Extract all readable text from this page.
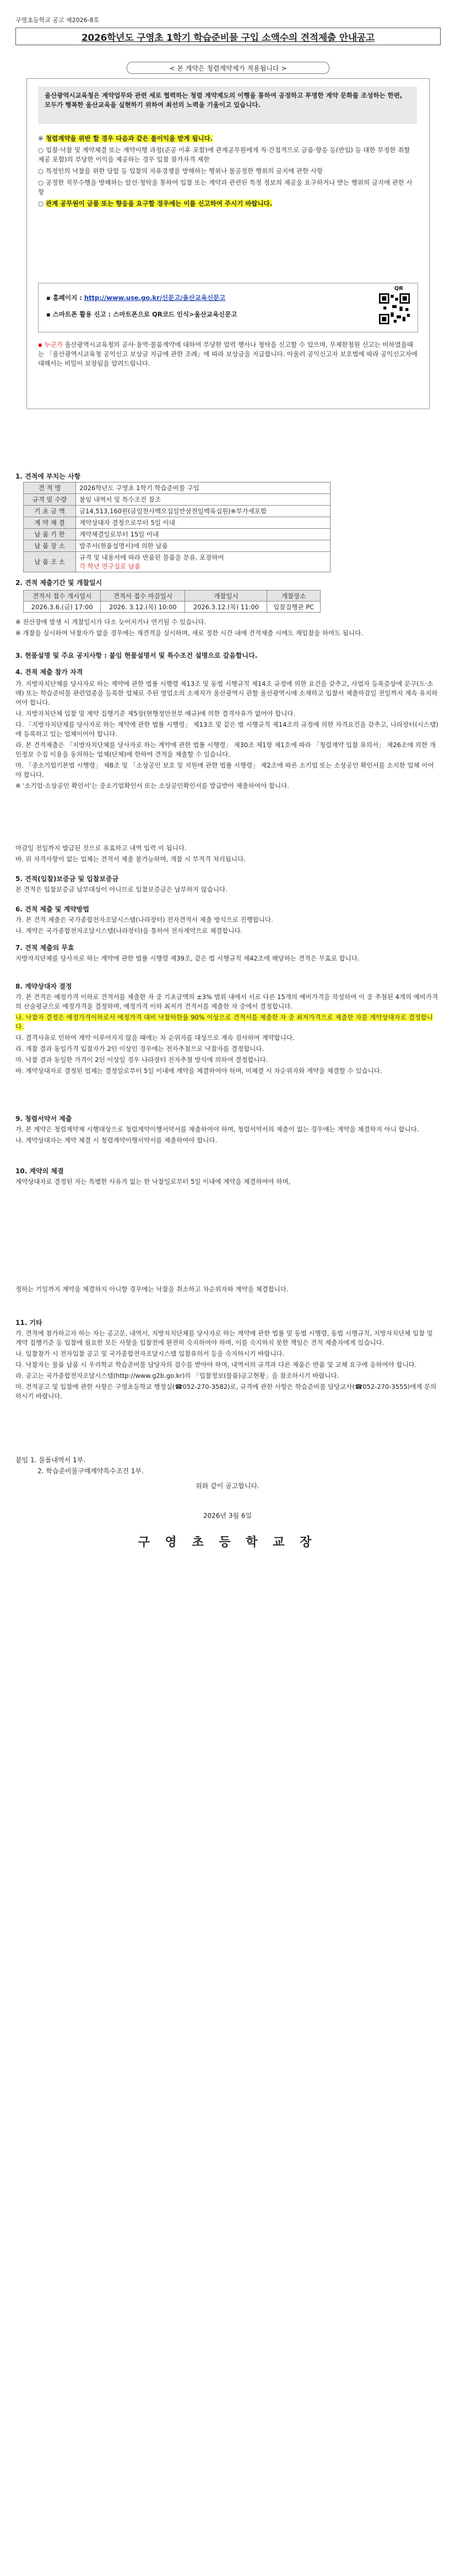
구영초등학교 공고 제2026-8호
2026학년도 구영초 1학기 학습준비물 구입 소액수의 견적제출 안내공고
< 본 계약은 청렴계약제가 적용됩니다 >
울산광역시교육청은 계약업무와 관련 세로 협력하는 청렴 계약제도의 이행을 통하여 공정하고 투명한 계약 문화를 조성하는 한편, 모두가 행복한 울산교육을 실현하기 위하여 최선의 노력을 기울이고 있습니다.
※ 청렴계약을 위반 할 경우 다음과 같은 불이익을 받게 됩니다.
○ 입찰·낙찰 및 계약체결 또는 계약이행 과정(준공 이후 포함)에 관계공무원에게 직·간접적으로 금품·향응 등(반입) 등 대한 부정한 취할 제공 포함)의 부당한 이익을 제공하는 경우 입찰 참가자격 제한
○ 특정인의 낙찰을 위한 담합 등 입찰의 자유경쟁을 방해하는 행위나 불공정한 행위의 금지에 관한 사항
○ 공정한 직무수행을 방해하는 알선·청탁을 통하여 입찰 또는 계약과 관련된 특정 정보의 제공을 요구하거나 받는 행위의 금지에 관한 사항
○ 관계 공무원이 금품 또는 향응을 요구할 경우에는 이를 신고하여 주시기 바랍니다.
▪ 홈페이지 : http://www.use.go.kr/신문고/울산교육신문고
▪ 스마트폰 활용 신고 : 스마트폰으로 QR코드 인식>울산교육신문고
QR
▪ 누군가 울산광역시교육청의 공사·용역·물품계약에 대하여 부당한 압력 행사나 청탁을 신고할 수 있으며, 무제한청원 신고는 비하였을때는 「울산광역시교육청 공익신고 보상금 지급에 관한 조례」에 따라 보상금을 지급합니다. 아울러 공익신고자 보호법에 따라 공익신고자에 대해서는 비밀이 보장됨을 알려드립니다.
1. 견적에 부치는 사항
견 적 명	2026학년도 구영초 1학기 학습준비물 구입
규격 및 수량	붙임 내역서 및 특수조건 참조
기 초 금 액	금14,513,160원(금일천사백오십일만삼천일백육십원)※부가세포함
계 약 체 결	계약상대자 결정으로부터 5일 이내
납 품 기 한	계약체결일로부터 15일 이내
납 품 장 소	발주서(현품설명서)에 의한 납품
납 품 조 소	규격 및 내용서에 따라 반품된 물품을 분류, 포장하여
각 학년 연구실로 납품
2. 견적 제출기간 및 개찰일시
견적서 접수 개시일시	견적서 접수 마감일시	개찰일시	개찰장소
2026.3.6.(금) 17:00	2026. 3.12.(목) 10:00	2026.3.12.(목) 11:00	입찰집행관 PC

※ 전산장애 발생 시 개찰일시가 다소 늦어지거나 연기될 수 있습니다.

※ 개찰을 실시하여 낙찰자가 없을 경우에는 재견적을 실시하며, 새로 정한 시간 내에 견적제출 시에도 재입찰을 하여도 됩니다.

3. 현품설명 및 주요 공지사항 : 붙임 현품설명서 및 특수조건 설명으로 갈음합니다.
4. 견적 제출 참가 자격

가. 지방자치단체를 당사자로 하는 계약에 관한 법률 시행령 제13조 및 동법 시행규칙 제14조 규정에 의한 요건을 갖추고, 사업자 등록증상에 문구(도·소매) 또는 학습준비물 관련업종을 등록한 업체로 주된 영업소의 소재지가 울산광역시 관할 울산광역시에 소재하고 입찰서 제출마감일 전일까지 계속 유지하여야 합니다.

나. 지방자치단체 입찰 및 계약 집행기준 제5장(현행정안전부 예규)에 의한 결격사유가 없어야 합니다.

다. 「지방자치단체를 당사자로 하는 계약에 관한 법률 시행령」 제13조 및 같은 법 시행규칙 제14조의 규정에 의한 자격요건을 갖추고, 나라장터(시스템)에 등록하고 있는 업체이어야 합니다.

라. 본 견적제출은 「지방자치단체를 당사자로 하는 계약에 관한 법률 시행령」 제30조 제1항 제1호에 따라 「청렴계약 입찰 유의서」 제26조에 의한 개인정보 수집 이용을 동의하는 업체(단체)에 한하여 견적을 제출할 수 있습니다.

마. 「중소기업기본법 시행령」 제8조 및 「소상공인 보호 및 지원에 관한 법률 시행령」 제2조에 따른 소기업 또는 소상공인 확인서를 소지한 업체 이어야 합니다.

※ '소기업·소상공인 확인서'는 중소기업확인서 또는 소상공인확인서를 발급받아 제출하여야 합니다.

마감일 전일까지 발급된 것으로 유효하고 내역 입력 이 됩니다.

바. 위 자격사항이 없는 업체는 견적서 제출 불가능하며, 개찰 시 부적격 처리됩니다.

5. 견적(입찰)보증금 및 입찰보증금
본 견적은 입찰보증금 납부대상이 아니므로 입찰보증금은 납부하지 않습니다.
6. 견적 제출 및 계약방법

가. 본 견적 제출은 국가종합전자조달시스템(나라장터) 전자견적서 제출 방식으로 진행합니다.

나. 계약은 국가종합전자조달시스템(나라장터)을 통하여 전자계약으로 체결합니다.

7. 견적 제출의 무효
지방자치단체를 당사자로 하는 계약에 관한 법률 시행령 제39조, 같은 법 시행규칙 제42조에 해당하는 견적은 무효로 합니다.
8. 계약상대자 결정

가. 본 견적은 예정가격 이하로 견적서를 제출한 자 중 기초금액의 ±3% 범위 내에서 서로 다른 15개의 예비가격을 작성하여 이 중 추첨된 4개의 예비가격의 산술평균으로 예정가격을 결정하며, 예정가격 이하 최저가 견적서를 제출한 자 중에서 결정합니다.

나. 낙찰자 결정은 예정가격이하로서 예정가격 대비 낙찰하한율 90% 이상으로 견적서를 제출한 자 중 최저가격으로 제출한 자를 계약상대자로 결정합니다.

다. 결격사유로 인하여 계약 이루어지지 않을 때에는 차 순위자를 대상으로 계속 검사하여 계약합니다.

라. 개찰 결과 동일가격 입찰자가 2인 이상인 경우에는 전자추첨으로 낙찰자를 결정합니다.

마. 낙찰 결과 동일한 가격이 2인 이상일 경우 나라장터 전자추첨 방식에 의하여 결정합니다.

바. 계약상대자로 결정된 업체는 결정일로부터 5일 이내에 계약을 체결하여야 하며, 미체결 시 차순위자와 계약을 체결할 수 있습니다.

9. 청렴서약서 제출

가. 본 계약은 청렴계약제 시행대상으로 청렴계약이행서약서를 제출하여야 하며, 청렴서약서의 제출이 없는 경우에는 계약을 체결하지 아니 합니다.

나. 계약상대자는 계약 체결 시 청렴계약이행서약서를 제출하여야 합니다.

10. 계약의 체결
계약상대자로 결정된 자는 특별한 사유가 없는 한 낙찰일로부터 5일 이내에 계약을 체결하여야 하며,
정하는 기일까지 계약을 체결하지 아니할 경우에는 낙찰을 취소하고 차순위자와 계약을 체결합니다.
11. 기타

가. 견적에 참가하고자 하는 자는 공고문, 내역서, 지방자치단체를 당사자로 하는 계약에 관한 법률 및 동법 시행령, 동법 시행규칙, 지방자치단체 입찰 및 계약 집행기준 등 입찰에 필요한 모든 사항을 입찰전에 완전히 숙지하여야 하며, 이를 숙지하지 못한 책임은 견적 제출자에게 있습니다.

나. 입찰참가 시 전자입찰 공고 및 국가종합전자조달시스템 입찰유의서 등을 숙지하시기 바랍니다.

다. 낙찰자는 물품 납품 시 우리학교 학습준비물 담당자의 검수를 받아야 하며, 내역서의 규격과 다른 제품은 반품 및 교체 요구에 응하여야 합니다.

라. 공고는 국가종합전자조달시스템(http://www.g2b.go.kr)의 「입찰정보(물품)공고현황」을 참조하시기 바랍니다.

마. 견적공고 및 입찰에 관한 사항은 구영초등학교 행정실(☎052-270-3582)로, 규격에 관한 사항은 학습준비물 담당교사(☎052-270-3555)에게 문의하시기 바랍니다.

붙임 1. 물품내역서 1부.

2. 학습준비물구매계약특수조건 1부.

위와 같이 공고합니다.

2026년 3월 6일
구 영 초 등 학 교 장
